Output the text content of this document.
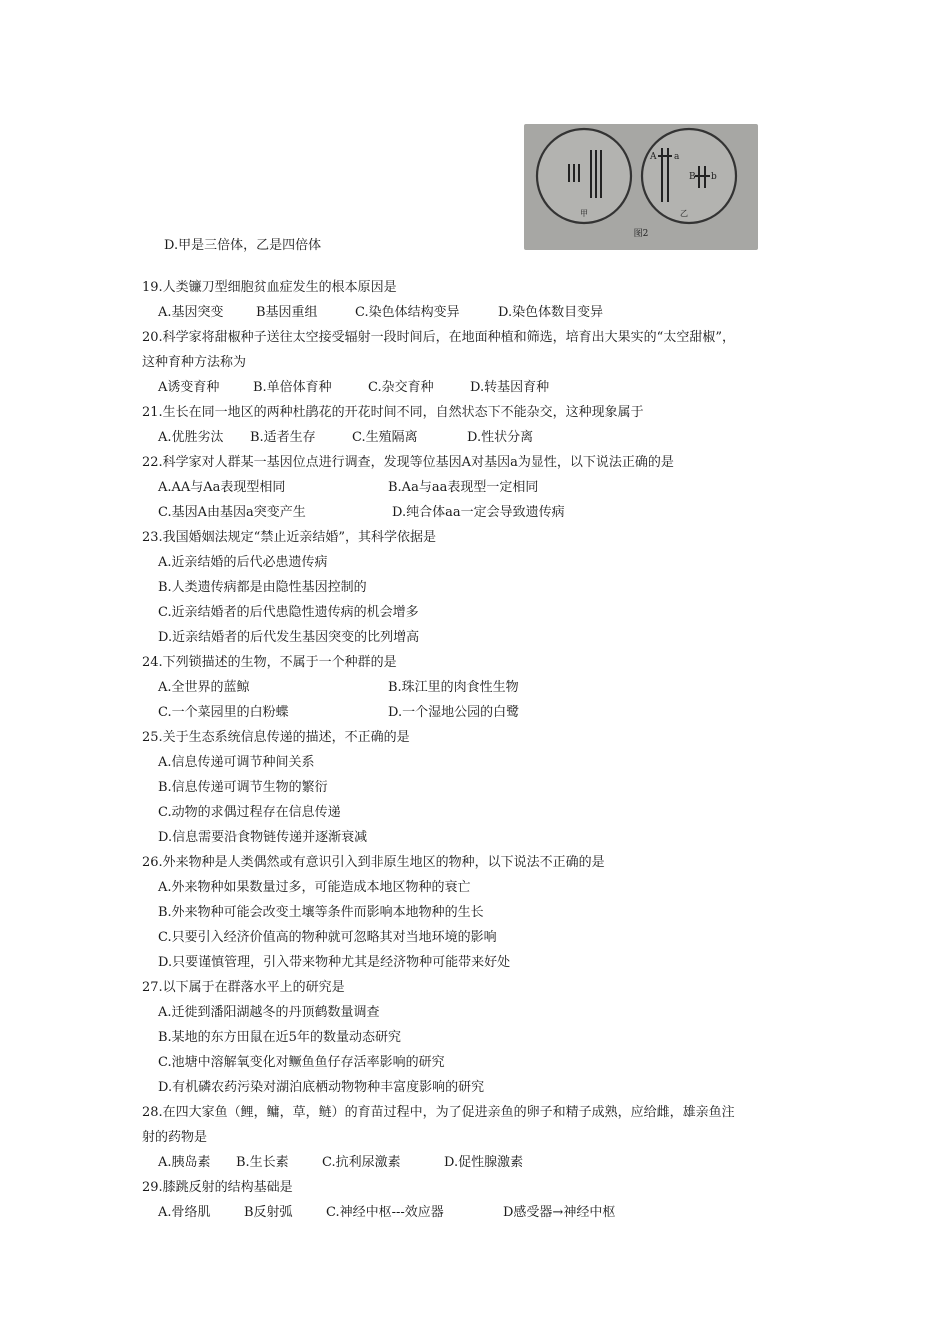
甲
A a
B b
乙
图2
D.甲是三倍体，乙是四倍体
19.人类镰刀型细胞贫血症发生的根本原因是
A.基因突变 B基因重组	C.染色体结构变异	D.染色体数目变异
20.科学家将甜椒种子送往太空接受辐射一段时间后，在地面种植和筛选，培育出大果实的“太空甜椒”，
这种育种方法称为
A诱变育种	B.单倍体育种	C.杂交育种	D.转基因育种
21.生长在同一地区的两种杜鹃花的开花时间不同，自然状态下不能杂交，这种现象属于
A.优胜劣汰 B.适者生存	C.生殖隔离	D.性状分离
22.科学家对人群某一基因位点进行调查，发现等位基因A对基因a为显性，以下说法正确的是
A.AA与Aa表现型相同	B.Aa与aa表现型一定相同
C.基因A由基因a突变产生	D.纯合体aa一定会导致遗传病
23.我国婚姻法规定“禁止近亲结婚”，其科学依据是
A.近亲结婚的后代必患遗传病
B.人类遗传病都是由隐性基因控制的
C.近亲结婚者的后代患隐性遗传病的机会增多
D.近亲结婚者的后代发生基因突变的比列增高
24.下列锁描述的生物，不属于一个种群的是
A.全世界的蓝鲸	B.珠江里的肉食性生物
C.一个菜园里的白粉蝶	D.一个湿地公园的白鹭
25.关于生态系统信息传递的描述，不正确的是
A.信息传递可调节种间关系
B.信息传递可调节生物的繁衍
C.动物的求偶过程存在信息传递
D.信息需要沿食物链传递并逐渐衰减
26.外来物种是人类偶然或有意识引入到非原生地区的物种，以下说法不正确的是
A.外来物种如果数量过多，可能造成本地区物种的衰亡
B.外来物种可能会改变土壤等条件而影响本地物种的生长
C.只要引入经济价值高的物种就可忽略其对当地环境的影响
D.只要谨慎管理，引入带来物种尤其是经济物种可能带来好处
27.以下属于在群落水平上的研究是
A.迁徙到潘阳湖越冬的丹顶鹤数量调查
B.某地的东方田鼠在近5年的数量动态研究
C.池塘中溶解氧变化对鳜鱼鱼仔存活率影响的研究
D.有机磷农药污染对湖泊底栖动物物种丰富度影响的研究
28.在四大家鱼（鲤，鳙，草，鲢）的育苗过程中，为了促进亲鱼的卵子和精子成熟，应给雌，雄亲鱼注
射的药物是
A.胰岛素 B.生长素	C.抗利尿激素	D.促性腺激素
29.膝跳反射的结构基础是
A.骨络肌	B反射弧	C.神经中枢---效应器	D感受器→神经中枢
